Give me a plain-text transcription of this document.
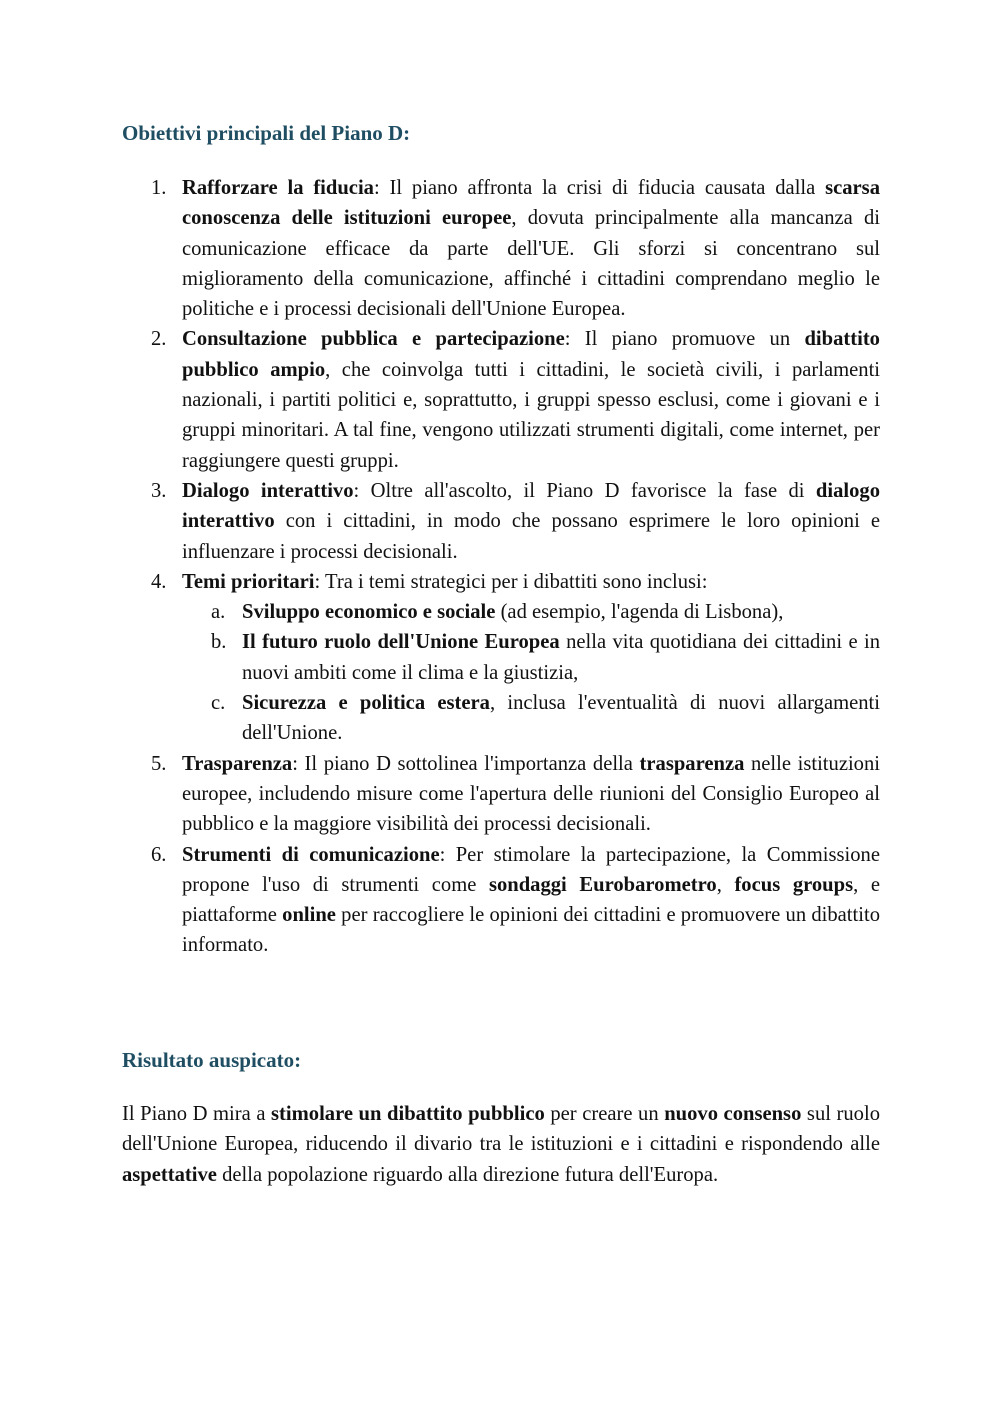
Obiettivi principali del Piano D:
1. Rafforzare la fiducia: Il piano affronta la crisi di fiducia causata dalla scarsa conoscenza delle istituzioni europee, dovuta principalmente alla mancanza di comunicazione efficace da parte dell'UE. Gli sforzi si concentrano sul miglioramento della comunicazione, affinché i cittadini comprendano meglio le politiche e i processi decisionali dell'Unione Europea.
2. Consultazione pubblica e partecipazione: Il piano promuove un dibattito pubblico ampio, che coinvolga tutti i cittadini, le società civili, i parlamenti nazionali, i partiti politici e, soprattutto, i gruppi spesso esclusi, come i giovani e i gruppi minoritari. A tal fine, vengono utilizzati strumenti digitali, come internet, per raggiungere questi gruppi.
3. Dialogo interattivo: Oltre all'ascolto, il Piano D favorisce la fase di dialogo interattivo con i cittadini, in modo che possano esprimere le loro opinioni e influenzare i processi decisionali.
4. Temi prioritari: Tra i temi strategici per i dibattiti sono inclusi:
a. Sviluppo economico e sociale (ad esempio, l'agenda di Lisbona),
b. Il futuro ruolo dell'Unione Europea nella vita quotidiana dei cittadini e in nuovi ambiti come il clima e la giustizia,
c. Sicurezza e politica estera, inclusa l'eventualità di nuovi allargamenti dell'Unione.
5. Trasparenza: Il piano D sottolinea l'importanza della trasparenza nelle istituzioni europee, includendo misure come l'apertura delle riunioni del Consiglio Europeo al pubblico e la maggiore visibilità dei processi decisionali.
6. Strumenti di comunicazione: Per stimolare la partecipazione, la Commissione propone l'uso di strumenti come sondaggi Eurobarometro, focus groups, e piattaforme online per raccogliere le opinioni dei cittadini e promuovere un dibattito informato.
Risultato auspicato:

Il Piano D mira a stimolare un dibattito pubblico per creare un nuovo consenso sul ruolo dell'Unione Europea, riducendo il divario tra le istituzioni e i cittadini e rispondendo alle aspettative della popolazione riguardo alla direzione futura dell'Europa.
